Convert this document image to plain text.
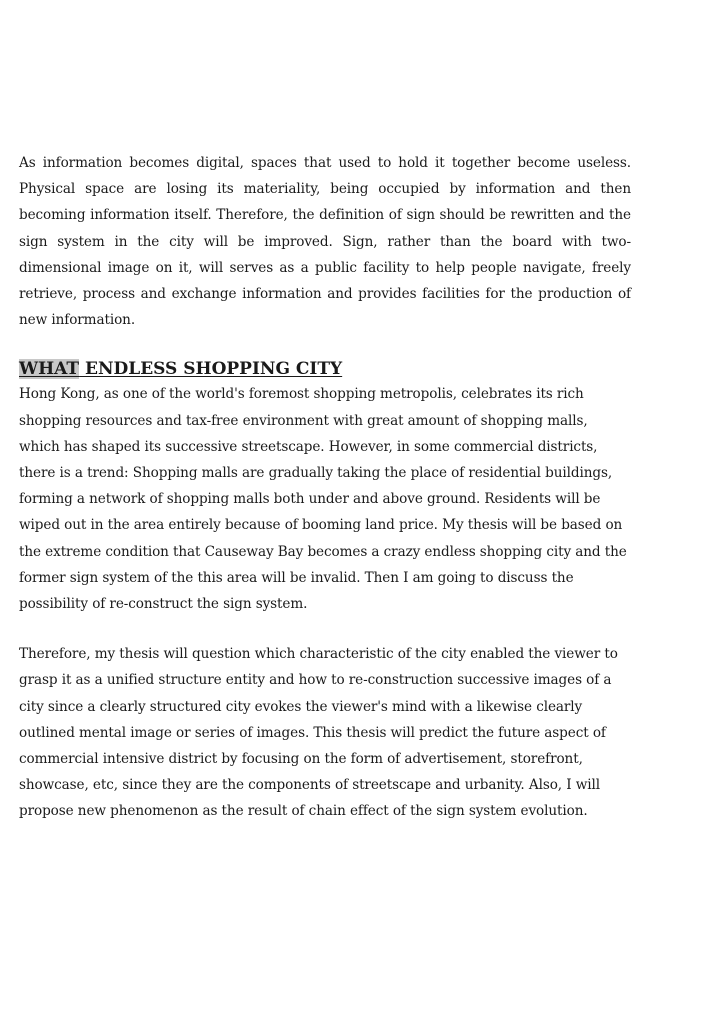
As information becomes digital, spaces that used to hold it together become useless. Physical space are losing its materiality, being occupied by information and then becoming information itself. Therefore, the definition of sign should be rewritten and the sign system in the city will be improved. Sign, rather than the board with two-dimensional image on it, will serves as a public facility to help people navigate, freely retrieve, process and exchange information and provides facilities for the production of new information.

WHAT ENDLESS SHOPPING CITY

Hong Kong, as one of the world's foremost shopping metropolis, celebrates its rich shopping resources and tax-free environment with great amount of shopping malls, which has shaped its successive streetscape. However, in some commercial districts, there is a trend: Shopping malls are gradually taking the place of residential buildings, forming a network of shopping malls both under and above ground. Residents will be wiped out in the area entirely because of booming land price. My thesis will be based on the extreme condition that Causeway Bay becomes a crazy endless shopping city and the former sign system of the this area will be invalid. Then I am going to discuss the possibility of re-construct the sign system.

Therefore, my thesis will question which characteristic of the city enabled the viewer to grasp it as a unified structure entity and how to re-construction successive images of a city since a clearly structured city evokes the viewer's mind with a likewise clearly outlined mental image or series of images. This thesis will predict the future aspect of commercial intensive district by focusing on the form of advertisement, storefront, showcase, etc, since they are the components of streetscape and urbanity. Also, I will propose new phenomenon as the result of chain effect of the sign system evolution.
